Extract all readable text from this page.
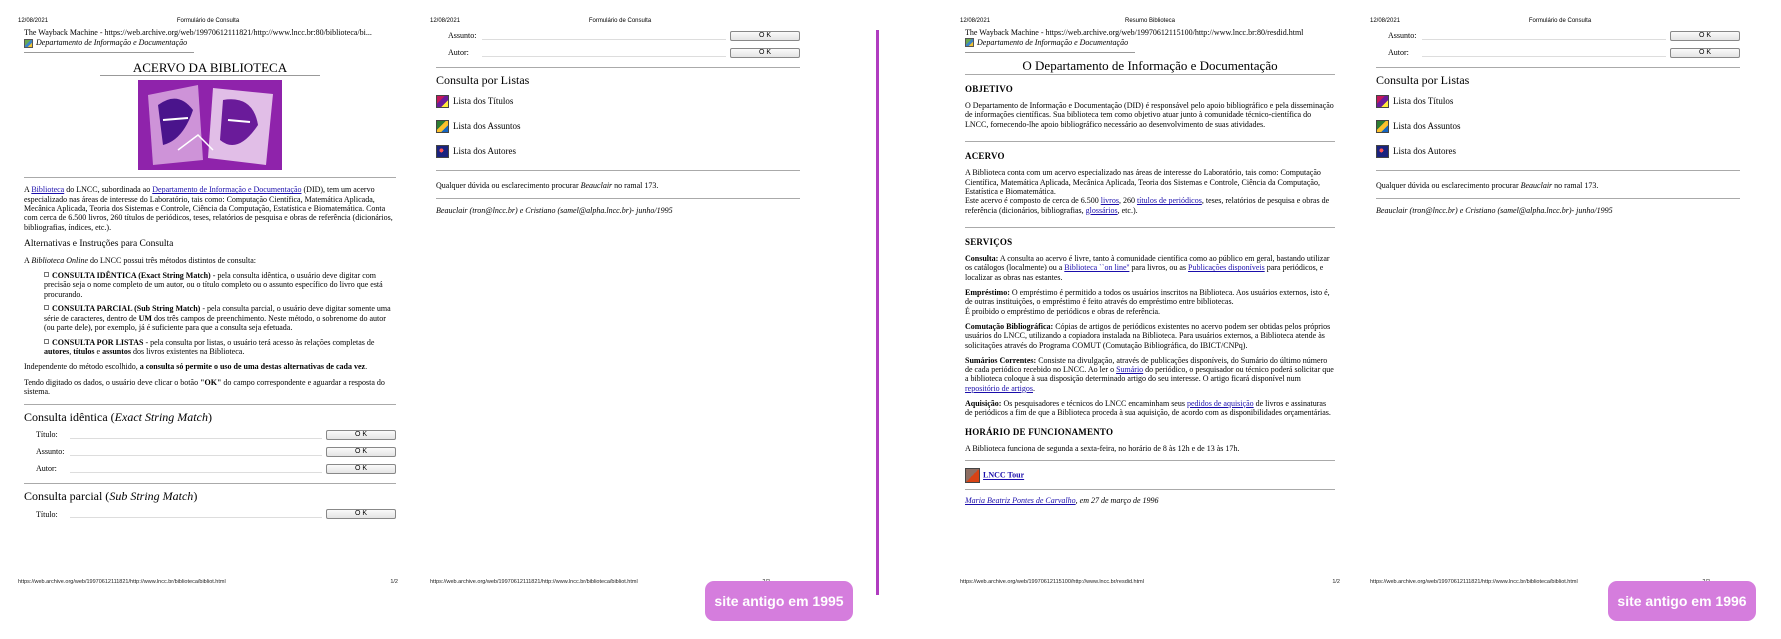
12/08/2021	Formulário de Consulta
The Wayback Machine - https://web.archive.org/web/19970612111821/http://www.lncc.br:80/biblioteca/bi...
Departamento de Informação e Documentação
ACERVO DA BIBLIOTECA

A Biblioteca do LNCC, subordinada ao Departamento de Informação e Documentação (DID), tem um acervo especializado nas áreas de interesse do Laboratório, tais como: Computação Científica, Matemática Aplicada, Mecânica Aplicada, Teoria dos Sistemas e Controle, Ciência da Computação, Estatística e Biomatemática. Conta com cerca de 6.500 livros, 260 títulos de periódicos, teses, relatórios de pesquisa e obras de referência (dicionários, bibliografias, índices, etc.).

Alternativas e Instruções para Consulta

A Biblioteca Online do LNCC possui três métodos distintos de consulta:

CONSULTA IDÊNTICA (Exact String Match) - pela consulta idêntica, o usuário deve digitar com precisão seja o nome completo de um autor, ou o título completo ou o assunto específico do livro que está procurando.
CONSULTA PARCIAL (Sub String Match) - pela consulta parcial, o usuário deve digitar somente uma série de caracteres, dentro de UM dos três campos de preenchimento. Neste método, o sobrenome do autor (ou parte dele), por exemplo, já é suficiente para que a consulta seja efetuada.
CONSULTA POR LISTAS - pela consulta por listas, o usuário terá acesso às relações completas de autores, títulos e assuntos dos livros existentes na Biblioteca.

Independente do método escolhido, a consulta só permite o uso de uma destas alternativas de cada vez.

Tendo digitado os dados, o usuário deve clicar o botão "OK" do campo correspondente e aguardar a resposta do sistema.

Consulta idêntica (Exact String Match)
Título:	O K
Assunto:	O K
Autor:	O K
Consulta parcial (Sub String Match)
Título:	O K
https://web.archive.org/web/19970612111821/http://www.lncc.br/biblioteca/bibliot.html	1/2
12/08/2021	Formulário de Consulta
Assunto:	O K
Autor:	O K
Consulta por Listas
Lista dos Títulos
Lista dos Assuntos
Lista dos Autores

Qualquer dúvida ou esclarecimento procurar Beauclair no ramal 173.

Beauclair (tron@lncc.br) e Cristiano (samel@alpha.lncc.br)- junho/1995

https://web.archive.org/web/19970612111821/http://www.lncc.br/biblioteca/bibliot.html
site antigo em 1995
12/08/2021	Resumo Biblioteca
The Wayback Machine - https://web.archive.org/web/19970612115100/http://www.lncc.br:80/resdid.html
Departamento de Informação e Documentação
O Departamento de Informação e Documentação
OBJETIVO

O Departamento de Informação e Documentação (DID) é responsável pelo apoio bibliográfico e pela disseminação de informações científicas. Sua biblioteca tem como objetivo atuar junto à comunidade técnico-científica do LNCC, fornecendo-lhe apoio bibliográfico necessário ao desenvolvimento de suas atividades.

ACERVO

A Biblioteca conta com um acervo especializado nas áreas de interesse do Laboratório, tais como: Computação Científica, Matemática Aplicada, Mecânica Aplicada, Teoria dos Sistemas e Controle, Ciência da Computação, Estatística e Biomatemática.
Este acervo é composto de cerca de 6.500 livros, 260 títulos de periódicos, teses, relatórios de pesquisa e obras de referência (dicionários, bibliografias, glossários, etc.).

SERVIÇOS

Consulta: A consulta ao acervo é livre, tanto à comunidade científica como ao público em geral, bastando utilizar os catálogos (localmente) ou a Biblioteca ``on line'' para livros, ou as Publicações disponíveis para periódicos, e localizar as obras nas estantes.

Empréstimo: O empréstimo é permitido a todos os usuários inscritos na Biblioteca. Aos usuários externos, isto é, de outras instituições, o empréstimo é feito através do empréstimo entre bibliotecas.
É proibido o empréstimo de periódicos e obras de referência.

Comutação Bibliográfica: Cópias de artigos de periódicos existentes no acervo podem ser obtidas pelos próprios usuários do LNCC, utilizando a copiadora instalada na Biblioteca. Para usuários externos, a Biblioteca atende às solicitações através do Programa COMUT (Comutação Bibliográfica, do IBICT/CNPq).

Sumários Correntes: Consiste na divulgação, através de publicações disponíveis, do Sumário do último número de cada periódico recebido no LNCC. Ao ler o Sumário do periódico, o pesquisador ou técnico poderá solicitar que a biblioteca coloque à sua disposição determinado artigo do seu interesse. O artigo ficará disponível num repositório de artigos.

Aquisição: Os pesquisadores e técnicos do LNCC encaminham seus pedidos de aquisição de livros e assinaturas de periódicos a fim de que a Biblioteca proceda à sua aquisição, de acordo com as disponibilidades orçamentárias.

HORÁRIO DE FUNCIONAMENTO

A Biblioteca funciona de segunda a sexta-feira, no horário de 8 às 12h e de 13 às 17h.

LNCC Tour

Maria Beatriz Pontes de Carvalho, em 27 de março de 1996

https://web.archive.org/web/19970612115100/http://www.lncc.br/resdid.html	1/2
12/08/2021	Formulário de Consulta
Assunto:	O K
Autor:	O K
Consulta por Listas
Lista dos Títulos
Lista dos Assuntos
Lista dos Autores

Qualquer dúvida ou esclarecimento procurar Beauclair no ramal 173.

Beauclair (tron@lncc.br) e Cristiano (samel@alpha.lncc.br)- junho/1995

https://web.archive.org/web/19970612111821/http://www.lncc.br/biblioteca/bibliot.html
site antigo em 1996
